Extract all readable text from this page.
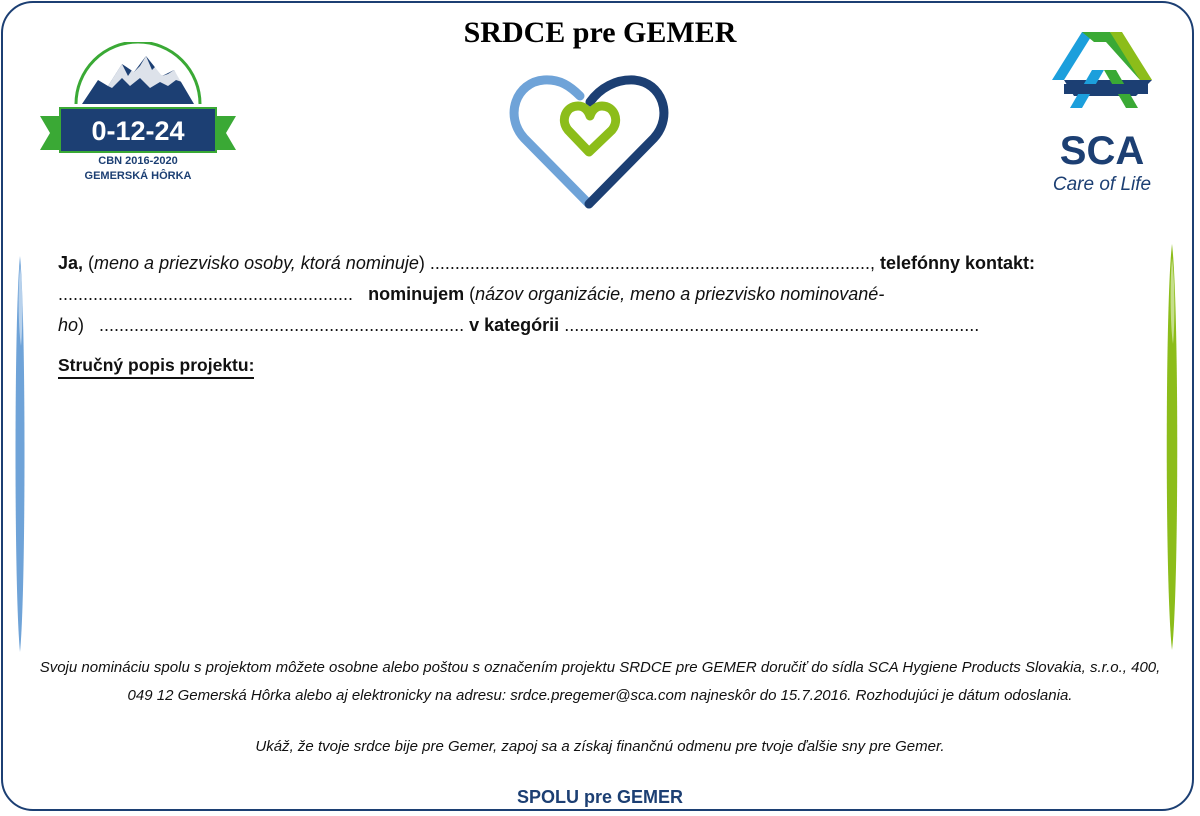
SRDCE pre GEMER
0-12-24
CBN 2016-2020
GEMERSKÁ HÔRKA
SCA
Care of Life
Ja, (meno a priezvisko osoby, ktorá nominuje) ........................................................................................, telefónny kontakt:
........................................................... nominujem (názov organizácie, meno a priezvisko nominované-
ho)   ......................................................................... v kategórii ...................................................................................
Stručný popis projektu:
Svoju nomináciu spolu s projektom môžete osobne alebo poštou s označením projektu SRDCE pre GEMER doručiť do sídla SCA Hygiene Products Slovakia, s.r.o., 400,
049 12 Gemerská Hôrka alebo aj elektronicky na adresu: srdce.pregemer@sca.com najneskôr do 15.7.2016. Rozhodujúci je dátum odoslania.
Ukáž, že tvoje srdce bije pre Gemer, zapoj sa a získaj finančnú odmenu pre tvoje ďalšie sny pre Gemer.
SPOLU pre GEMER
